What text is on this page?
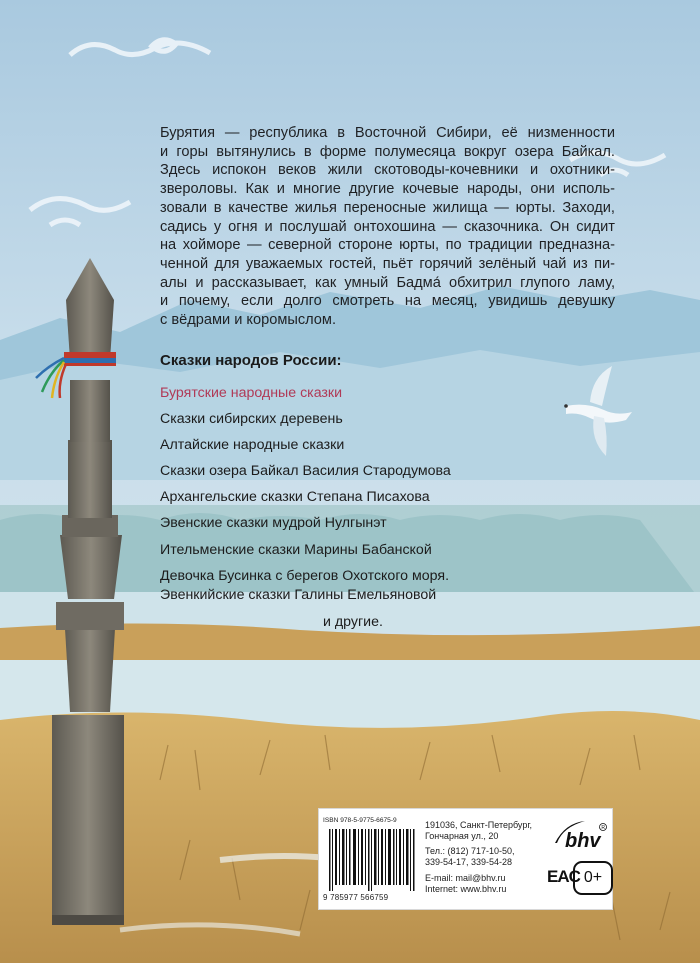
Бурятия — республика в Восточной Сибири, её низменности
и горы вытянулись в форме полумесяца вокруг озера Байкал.
Здесь испокон веков жили скотоводы-кочевники и охотники-
звероловы. Как и многие другие кочевые народы, они исполь-
зовали в качестве жилья переносные жилища — юрты. Заходи,
садись у огня и послушай онтохошина — сказочника. Он сидит
на хойморе — северной стороне юрты, по традиции предназна-
ченной для уважаемых гостей, пьёт горячий зелёный чай из пи-
алы и рассказывает, как умный Бадма́ обхитрил глупого ламу,
и почему, если долго смотреть на месяц, увидишь девушку
с вёдрами и коромыслом.

Сказки народов России:
Бурятские народные сказки
Сказки сибирских деревень
Алтайские народные сказки
Сказки озера Байкал Василия Стародумова
Архангельские сказки Степана Писахова
Эвенские сказки мудрой Нулгынэт
Ительменские сказки Марины Бабанской
Девочка Бусинка с берегов Охотского моря.
Эвенкийские сказки Галины Емельяновой
и другие.
ISBN 978-5-9775-6675-9
9 785977 566759
191036, Санкт-Петербург,
Гончарная ул., 20
Тел.: (812) 717-10-50,
339-54-17, 339-54-28
E-mail: mail@bhv.ru
Internet: www.bhv.ru
bhv
R
EAC 0+
